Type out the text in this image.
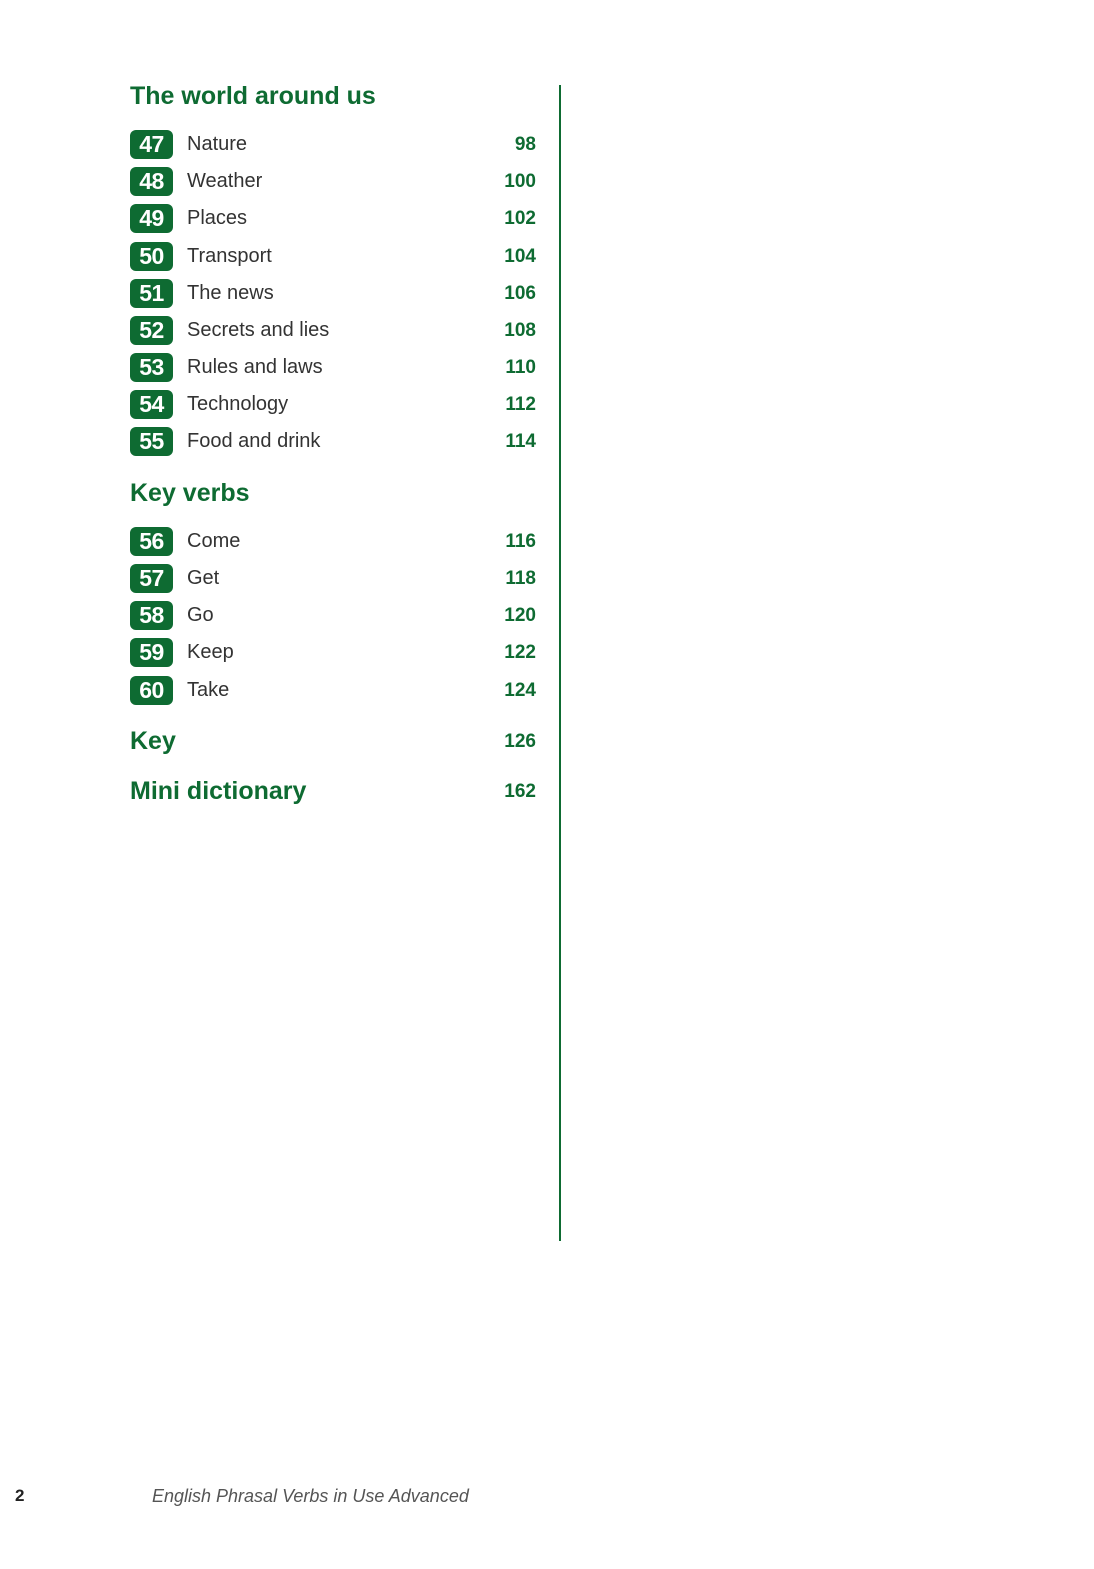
The world around us
47	Nature	98
48	Weather	100
49	Places	102
50	Transport	104
51	The news	106
52	Secrets and lies	108
53	Rules and laws	110
54	Technology	112
55	Food and drink	114
Key verbs
56	Come	116
57	Get	118
58	Go	120
59	Keep	122
60	Take	124
Key	126
Mini dictionary	162
2	English Phrasal Verbs in Use Advanced
